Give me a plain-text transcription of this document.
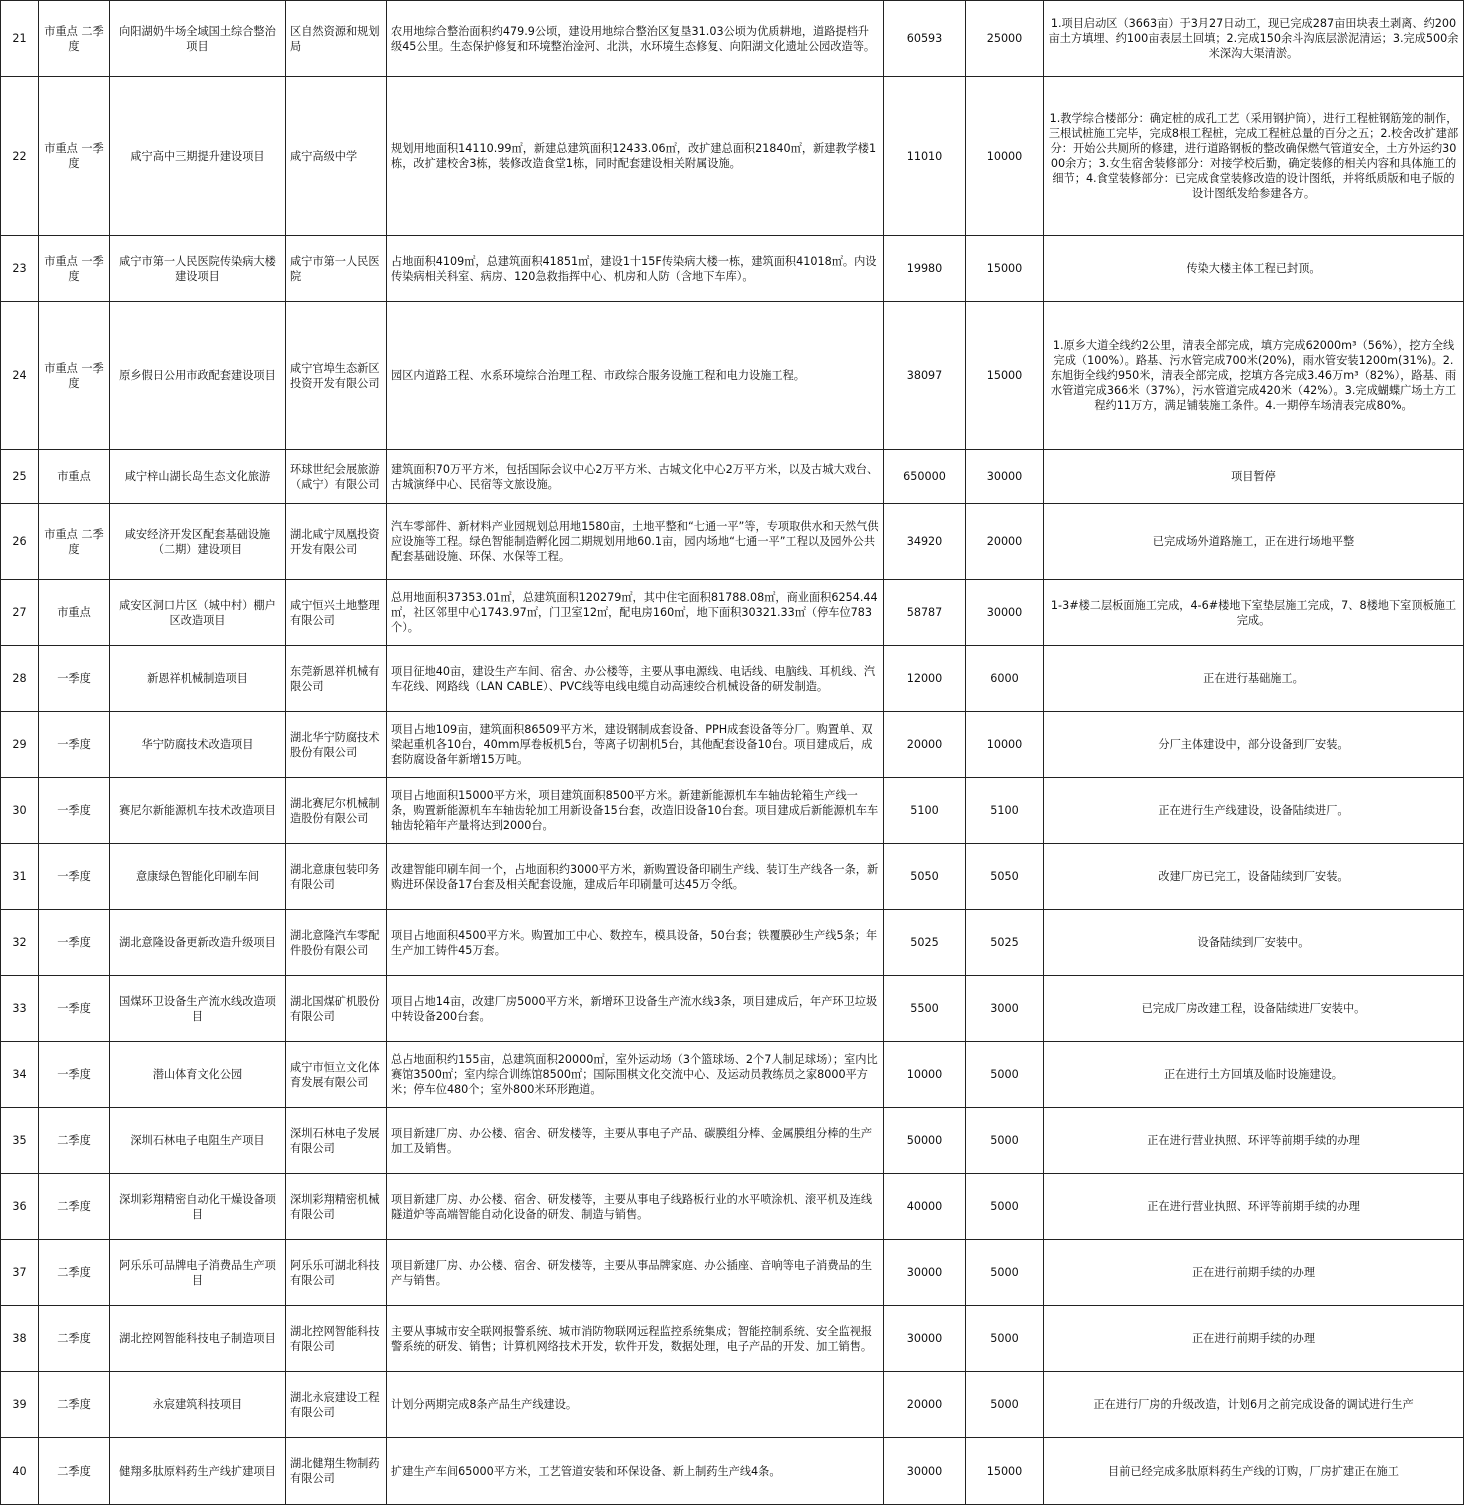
21	市重点 二季度	向阳湖奶牛场全域国土综合整治项目	区自然资源和规划局	农用地综合整治面积约479.9公顷，建设用地综合整治区复垦31.03公顷为优质耕地，道路提档升级45公里。生态保护修复和环境整治淦河、北洪，水环境生态修复、向阳湖文化遗址公园改造等。	60593	25000	1.项目启动区（3663亩）于3月27日动工，现已完成287亩田块表土剥离、约200亩土方填埋、约100亩表层土回填；2.完成150余斗沟底层淤泥清运；3.完成500余米深沟大渠清淤。
22	市重点 一季度	咸宁高中三期提升建设项目	咸宁高级中学	规划用地面积14110.99㎡，新建总建筑面积12433.06㎡，改扩建总面积21840㎡，新建教学楼1栋，改扩建校舍3栋，装修改造食堂1栋，同时配套建设相关附属设施。	11010	10000	1.教学综合楼部分：确定桩的成孔工艺（采用钢护筒），进行工程桩钢筋笼的制作，三根试桩施工完毕，完成8根工程桩，完成工程桩总量的百分之五；2.校舍改扩建部分：开始公共厕所的修建，进行道路钢板的整改确保燃气管道安全，土方外运约3000余方；3.女生宿舍装修部分：对接学校后勤，确定装修的相关内容和具体施工的细节；4.食堂装修部分：已完成食堂装修改造的设计图纸，并将纸质版和电子版的设计图纸发给参建各方。
23	市重点 一季度	咸宁市第一人民医院传染病大楼建设项目	咸宁市第一人民医院	占地面积4109㎡，总建筑面积41851㎡，建设1十15F传染病大楼一栋，建筑面积41018㎡。内设传染病相关科室、病房、120急救指挥中心、机房和人防（含地下车库）。	19980	15000	传染大楼主体工程已封顶。
24	市重点 一季度	原乡假日公用市政配套建设项目	咸宁官埠生态新区投资开发有限公司	园区内道路工程、水系环境综合治理工程、市政综合服务设施工程和电力设施工程。	38097	15000	1.原乡大道全线约2公里，清表全部完成，填方完成62000m³（56%），挖方全线完成（100%）。路基、污水管完成700米(20%)，雨水管安装1200m(31%)。2.东旭街全线约950米，清表全部完成，挖填方各完成3.46万m³（82%），路基、雨水管道完成366米（37%），污水管道完成420米（42%）。3.完成蝴蝶广场土方工程约11万方，满足铺装施工条件。4.一期停车场清表完成80%。
25	市重点	咸宁梓山湖长岛生态文化旅游	环球世纪会展旅游（咸宁）有限公司	建筑面积70万平方米，包括国际会议中心2万平方米、古城文化中心2万平方米，以及古城大戏台、古城演绎中心、民宿等文旅设施。	650000	30000	项目暂停
26	市重点 二季度	咸安经济开发区配套基础设施（二期）建设项目	湖北咸宁凤凰投资开发有限公司	汽车零部件、新材料产业园规划总用地1580亩，土地平整和“七通一平”等，专项取供水和天然气供应设施等工程。绿色智能制造孵化园二期规划用地60.1亩，园内场地“七通一平”工程以及园外公共配套基础设施、环保、水保等工程。	34920	20000	已完成场外道路施工，正在进行场地平整
27	市重点	咸安区洞口片区（城中村）棚户区改造项目	咸宁恒兴土地整理有限公司	总用地面积37353.01㎡，总建筑面积120279㎡，其中住宅面积81788.08㎡，商业面积6254.44㎡，社区邻里中心1743.97㎡，门卫室12㎡，配电房160㎡，地下面积30321.33㎡（停车位783个）。	58787	30000	1-3#楼二层板面施工完成，4-6#楼地下室垫层施工完成，7、8楼地下室顶板施工完成。
28	一季度	新恩祥机械制造项目	东莞新恩祥机械有限公司	项目征地40亩，建设生产车间、宿舍、办公楼等，主要从事电源线、电话线、电脑线、耳机线、汽车花线、网路线（LAN CABLE）、PVC线等电线电缆自动高速绞合机械设备的研发制造。	12000	6000	正在进行基础施工。
29	一季度	华宁防腐技术改造项目	湖北华宁防腐技术股份有限公司	项目占地109亩，建筑面积86509平方米，建设钢制成套设备、PPH成套设备等分厂。购置单、双梁起重机各10台，40mm厚卷板机5台，等离子切割机5台，其他配套设备10台。项目建成后，成套防腐设备年新增15万吨。	20000	10000	分厂主体建设中，部分设备到厂安装。
30	一季度	赛尼尔新能源机车技术改造项目	湖北赛尼尔机械制造股份有限公司	项目占地面积15000平方米，项目建筑面积8500平方米。新建新能源机车车轴齿轮箱生产线一条，购置新能源机车车轴齿轮加工用新设备15台套，改造旧设备10台套。项目建成后新能源机车车轴齿轮箱年产量将达到2000台。	5100	5100	正在进行生产线建设，设备陆续进厂。
31	一季度	意康绿色智能化印刷车间	湖北意康包装印务有限公司	改建智能印刷车间一个，占地面积约3000平方米，新购置设备印刷生产线、装订生产线各一条，新购进环保设备17台套及相关配套设施，建成后年印刷量可达45万令纸。	5050	5050	改建厂房已完工，设备陆续到厂安装。
32	一季度	湖北意隆设备更新改造升级项目	湖北意隆汽车零配件股份有限公司	项目占地面积4500平方米。购置加工中心、数控车，模具设备，50台套；铁覆膜砂生产线5条；年生产加工铸件45万套。	5025	5025	设备陆续到厂安装中。
33	一季度	国煤环卫设备生产流水线改造项目	湖北国煤矿机股份有限公司	项目占地14亩，改建厂房5000平方米，新增环卫设备生产流水线3条，项目建成后，年产环卫垃圾中转设备200台套。	5500	3000	已完成厂房改建工程，设备陆续进厂安装中。
34	一季度	潜山体育文化公园	咸宁市恒立文化体育发展有限公司	总占地面积约155亩，总建筑面积20000㎡，室外运动场（3个篮球场、2个7人制足球场）；室内比赛馆3500㎡；室内综合训练馆8500㎡；国际围棋文化交流中心、及运动员教练员之家8000平方米；停车位480个；室外800米环形跑道。	10000	5000	正在进行土方回填及临时设施建设。
35	二季度	深圳石林电子电阻生产项目	深圳石林电子发展有限公司	项目新建厂房、办公楼、宿舍、研发楼等，主要从事电子产品、碳膜组分棒、金属膜组分棒的生产加工及销售。	50000	5000	正在进行营业执照、环评等前期手续的办理
36	二季度	深圳彩翔精密自动化干燥设备项目	深圳彩翔精密机械有限公司	项目新建厂房、办公楼、宿舍、研发楼等，主要从事电子线路板行业的水平喷涂机、滚平机及连线隧道炉等高端智能自动化设备的研发、制造与销售。	40000	5000	正在进行营业执照、环评等前期手续的办理
37	二季度	阿乐乐可品牌电子消费品生产项目	阿乐乐可湖北科技有限公司	项目新建厂房、办公楼、宿舍、研发楼等，主要从事品牌家庭、办公插座、音响等电子消费品的生产与销售。	30000	5000	正在进行前期手续的办理
38	二季度	湖北控网智能科技电子制造项目	湖北控网智能科技有限公司	主要从事城市安全联网报警系统、城市消防物联网远程监控系统集成；智能控制系统、安全监视报警系统的研发、销售；计算机网络技术开发，软件开发，数据处理，电子产品的开发、加工销售。	30000	5000	正在进行前期手续的办理
39	二季度	永宸建筑科技项目	湖北永宸建设工程有限公司	计划分两期完成8条产品生产线建设。	20000	5000	正在进行厂房的升级改造，计划6月之前完成设备的调试进行生产
40	二季度	健翔多肽原料药生产线扩建项目	湖北健翔生物制药有限公司	扩建生产车间65000平方米，工艺管道安装和环保设备、新上制药生产线4条。	30000	15000	目前已经完成多肽原料药生产线的订购，厂房扩建正在施工
